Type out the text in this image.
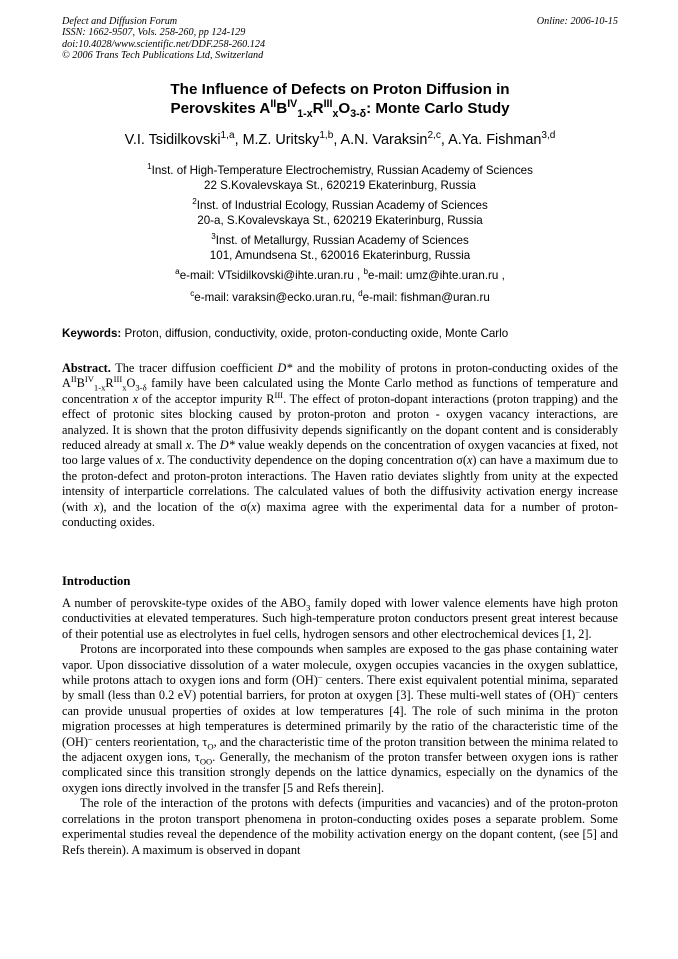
Defect and Diffusion Forum
ISSN: 1662-9507, Vols. 258-260, pp 124-129
doi:10.4028/www.scientific.net/DDF.258-260.124
© 2006 Trans Tech Publications Ltd, Switzerland
Online: 2006-10-15
The Influence of Defects on Proton Diffusion in
Perovskites $A^{II}B^{IV}_{1-x}R^{III}_xO_{3-\delta}$: Monte Carlo Study
V.I. Tsidilkovski$^{1,a}$, M.Z. Uritsky$^{1,b}$, A.N. Varaksin$^{2,c}$, A.Ya. Fishman$^{3,d}$
$^1$Inst. of High-Temperature Electrochemistry, Russian Academy of Sciences
22 S.Kovalevskaya St., 620219 Ekaterinburg, Russia
$^2$Inst. of Industrial Ecology, Russian Academy of Sciences
20-a, S.Kovalevskaya St., 620219 Ekaterinburg, Russia
$^3$Inst. of Metallurgy, Russian Academy of Sciences
101, Amundsena St., 620016 Ekaterinburg, Russia
$^a$e-mail: VTsidilkovski@ihte.uran.ru , $^b$e-mail: umz@ihte.uran.ru ,
$^c$e-mail: varaksin@ecko.uran.ru, $^d$e-mail: fishman@uran.ru
Keywords: Proton, diffusion, conductivity, oxide, proton-conducting oxide, Monte Carlo

Abstract. The tracer diffusion coefficient D* and the mobility of protons in proton-conducting oxides of the $A^{II}B^{IV}_{1-x}R^{III}_xO_{3-\delta}$ family have been calculated using the Monte Carlo method as functions of temperature and concentration x of the acceptor impurity $R^{III}$. The effect of proton-dopant interactions (proton trapping) and the effect of protonic sites blocking caused by proton-proton and proton - oxygen vacancy interactions, are analyzed. It is shown that the proton diffusivity depends significantly on the dopant content and is considerably reduced already at small x. The D* value weakly depends on the concentration of oxygen vacancies at fixed, not too large values of x. The conductivity dependence on the doping concentration σ(x) can have a maximum due to the proton-defect and proton-proton interactions. The Haven ratio deviates slightly from unity at the expected intensity of interparticle correlations. The calculated values of both the diffusivity activation energy increase (with x), and the location of the σ(x) maxima agree with the experimental data for a number of proton-conducting oxides.

Introduction

A number of perovskite-type oxides of the $ABO_3$ family doped with lower valence elements have high proton conductivities at elevated temperatures. Such high-temperature proton conductors present great interest because of their potential use as electrolytes in fuel cells, hydrogen sensors and other electrochemical devices [1, 2].

Protons are incorporated into these compounds when samples are exposed to the gas phase containing water vapor. Upon dissociative dissolution of a water molecule, oxygen occupies vacancies in the oxygen sublattice, while protons attach to oxygen ions and form (OH)– centers. There exist equivalent potential minima, separated by small (less than 0.2 eV) potential barriers, for proton at oxygen [3]. These multi-well states of (OH)– centers can provide unusual properties of oxides at low temperatures [4]. The role of such minima in the proton migration processes at high temperatures is determined primarily by the ratio of the characteristic time of the (OH)– centers reorientation, $\tau_O$, and the characteristic time of the proton transition between the minima related to the adjacent oxygen ions, $\tau_{OO}$. Generally, the mechanism of the proton transfer between oxygen ions is rather complicated since this transition strongly depends on the lattice dynamics, especially on the dynamics of the oxygen ions directly involved in the transfer [5 and Refs therein].

The role of the interaction of the protons with defects (impurities and vacancies) and of the proton-proton correlations in the proton transport phenomena in proton-conducting oxides poses a separate problem. Some experimental studies reveal the dependence of the mobility activation energy on the dopant content, (see [5] and Refs therein). A maximum is observed in dopant
